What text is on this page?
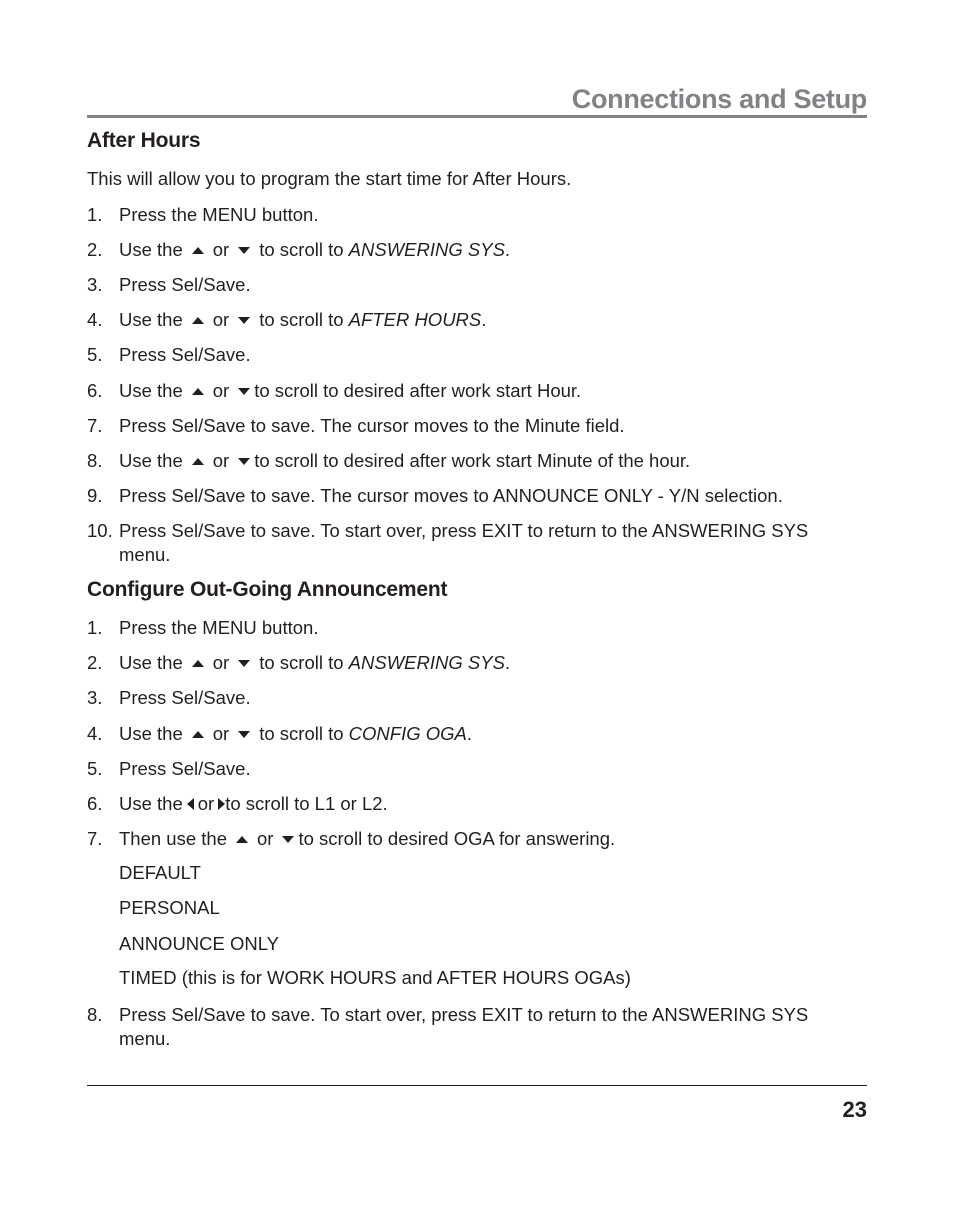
Connections and Setup
After Hours
This will allow you to program the start time for After Hours.
1. Press the MENU button.
2. Use the or to scroll to ANSWERING SYS.
3. Press Sel/Save.
4. Use the or to scroll to AFTER HOURS.
5. Press Sel/Save.
6. Use the or to scroll to desired after work start Hour.
7. Press Sel/Save to save. The cursor moves to the Minute field.
8. Use the or to scroll to desired after work start Minute of the hour.
9. Press Sel/Save to save. The cursor moves to ANNOUNCE ONLY - Y/N selection.
10. Press Sel/Save to save. To start over, press EXIT to return to the ANSWERING SYS menu.
Configure Out-Going Announcement
1. Press the MENU button.
2. Use the or to scroll to ANSWERING SYS.
3. Press Sel/Save.
4. Use the or to scroll to CONFIG OGA.
5. Press Sel/Save.
6. Use the or to scroll to L1 or L2.
7. Then use the or to scroll to desired OGA for answering.
DEFAULT
PERSONAL
ANNOUNCE ONLY
TIMED (this is for WORK HOURS and AFTER HOURS OGAs)
8. Press Sel/Save to save. To start over, press EXIT to return to the ANSWERING SYS menu.
23
